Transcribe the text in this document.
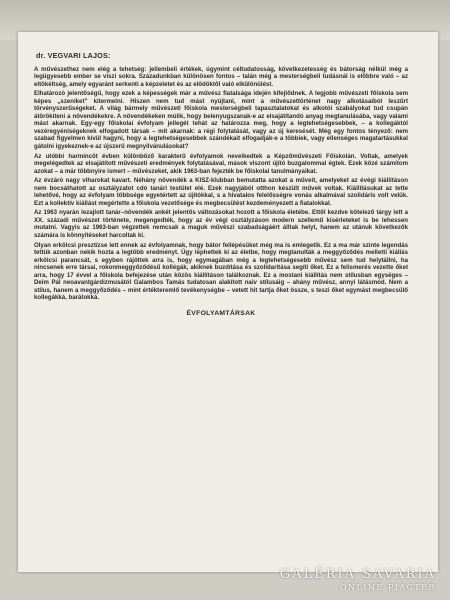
dr. VEGVARI LAJOS:

A művészethez nem elég a tehetség: jellembeli értékek, úgymint céltudatosság, következetesség és bátorság nélkül még a legügyesebb ember se viszi sokra. Századunkban különösen fontos – talán még a mesterségbeli tudásnál is előbbre való – az eltökéltség, amely egyaránt serkenti a képzeletet és az elődöktől való elkülönülést.

Elhatározó jelentőségű, hogy ezek a képességek már a művész fiatalsága idején kifejlődnek. A legjobb művészeti főiskola sem képes „szeniket” kitermelni. Hiszen nem tud mást nyújtani, mint a művészettörténet nagy alkotásaiból leszűrt törvényszerűségeket. A világ bármely művészeti főiskola mesterségbeli tapasztalatokat és alkotói szabályokat tud csupán átörökíteni a növendékekre. A növendékeken múlik, hogy belenyugszanak-e az elsajátítandó anyag megtanulásába, vagy valami mást akarnak. Egy-egy főiskolai évfolyam jellegét tehát az határozza meg, hogy a legtehetségesebbek, – a kollegáktól vezéregyéniségeknek elfogadott társak – mit akarnak: a régi folytatását, vagy az új keresését. Még egy fontos tényező: nem szabad figyelmen kívül hagyni, hogy a legtehetségesebbek szándékait elfogadják-e a többiek, vagy ellenséges magatartásukkal gátolni igyekeznek-e az újszerű megnyilvánulásokat?

Az utóbbi harmincöt évben különböző karakterű évfolyamok nevelkedtek a Képzőművészeti Főiskolán. Voltak, amelyek megelégedtek az elsajátított művészeti eredmények folytatásával, mások viszont újító buzgalommal égtek. Ezek közé számítom azokat – a már többnyire ismert – művészeket, akik 1963-ban fejezték be főiskolai tanulmányaikat.

Az évzáró nagy viharokat kavart. Néhány növendék a KISZ-klubban bemutatta azokat a műveit, amelyeket az évégi kiállításon nem bocsáthatott az osztályzatot cdó tanári testület elé. Ezek nagyjából otthon készült művek voltak. Kiállításukat az tette lehetővé, hogy az évfolyam többsége egyetértett az újítókkal, s a hivatalos felelősségre vonás alkalmával szolidáris volt velük. Ezt a kollektív kiállást megértette a főiskola vezetősége és megbecsülést kezdeményezett a fiatalokkal.

Az 1963 nyarán lezajlott tanár–növendék ankét jelentős változásokat hozott a főiskola életébe. Ettől kezdve kötelező tárgy lett a XX. századi művészet története, megengedték, hogy az év végi osztályzáson modern szellemű kísérleteket is be lehessen mutatni. Vagyis az 1963-ban végzettek nemcsak a maguk művészi szabadságáért álltak helyt, hanem az utánuk következők számára is könnyítéseket harcoltak ki.

Olyan erkölcsi presztízse lett ennek az évfolyamnak, hogy bátor fellépésüket még ma is emlegetik. Ez a ma már szinte legendás tettük azonban nekik hozta a legtöbb eredményt. Úgy léphettek ki az életbe, hogy megtanulták a meggyőződés melletti kiállás erkölcsi parancsát, s egyben rájöttek arra is, hogy egymagában még a legtehetségesebb művész sem tud helytállni, ha nincsenek erre társai, rokonmeggyőződésű kollégák, akiknek buzdítása és szolidaritása segíti őket. Ez a felismerés vezette őket arra, hogy 17 évvel a főiskola befejezése után közös kiállításon találkoznak. Ez a mostani kiállítás nem stílusban egységes – Deim Pál neoavantgárdizmusától Galambos Tamás tudatosan alakított naiv stílusáig – ahány művész, annyi látásmód. Nem a stílus, hanem a meggyőződés – mint értékteremlő tevékenységbe – vetett hit tartja őket össze, s teszi őket egymást megbecsülő kollegákká, barátokká.

ÉVFOLYAMTÁRSAK
GALÉRIA SAVARIA
ONLINE PIACTÉR
